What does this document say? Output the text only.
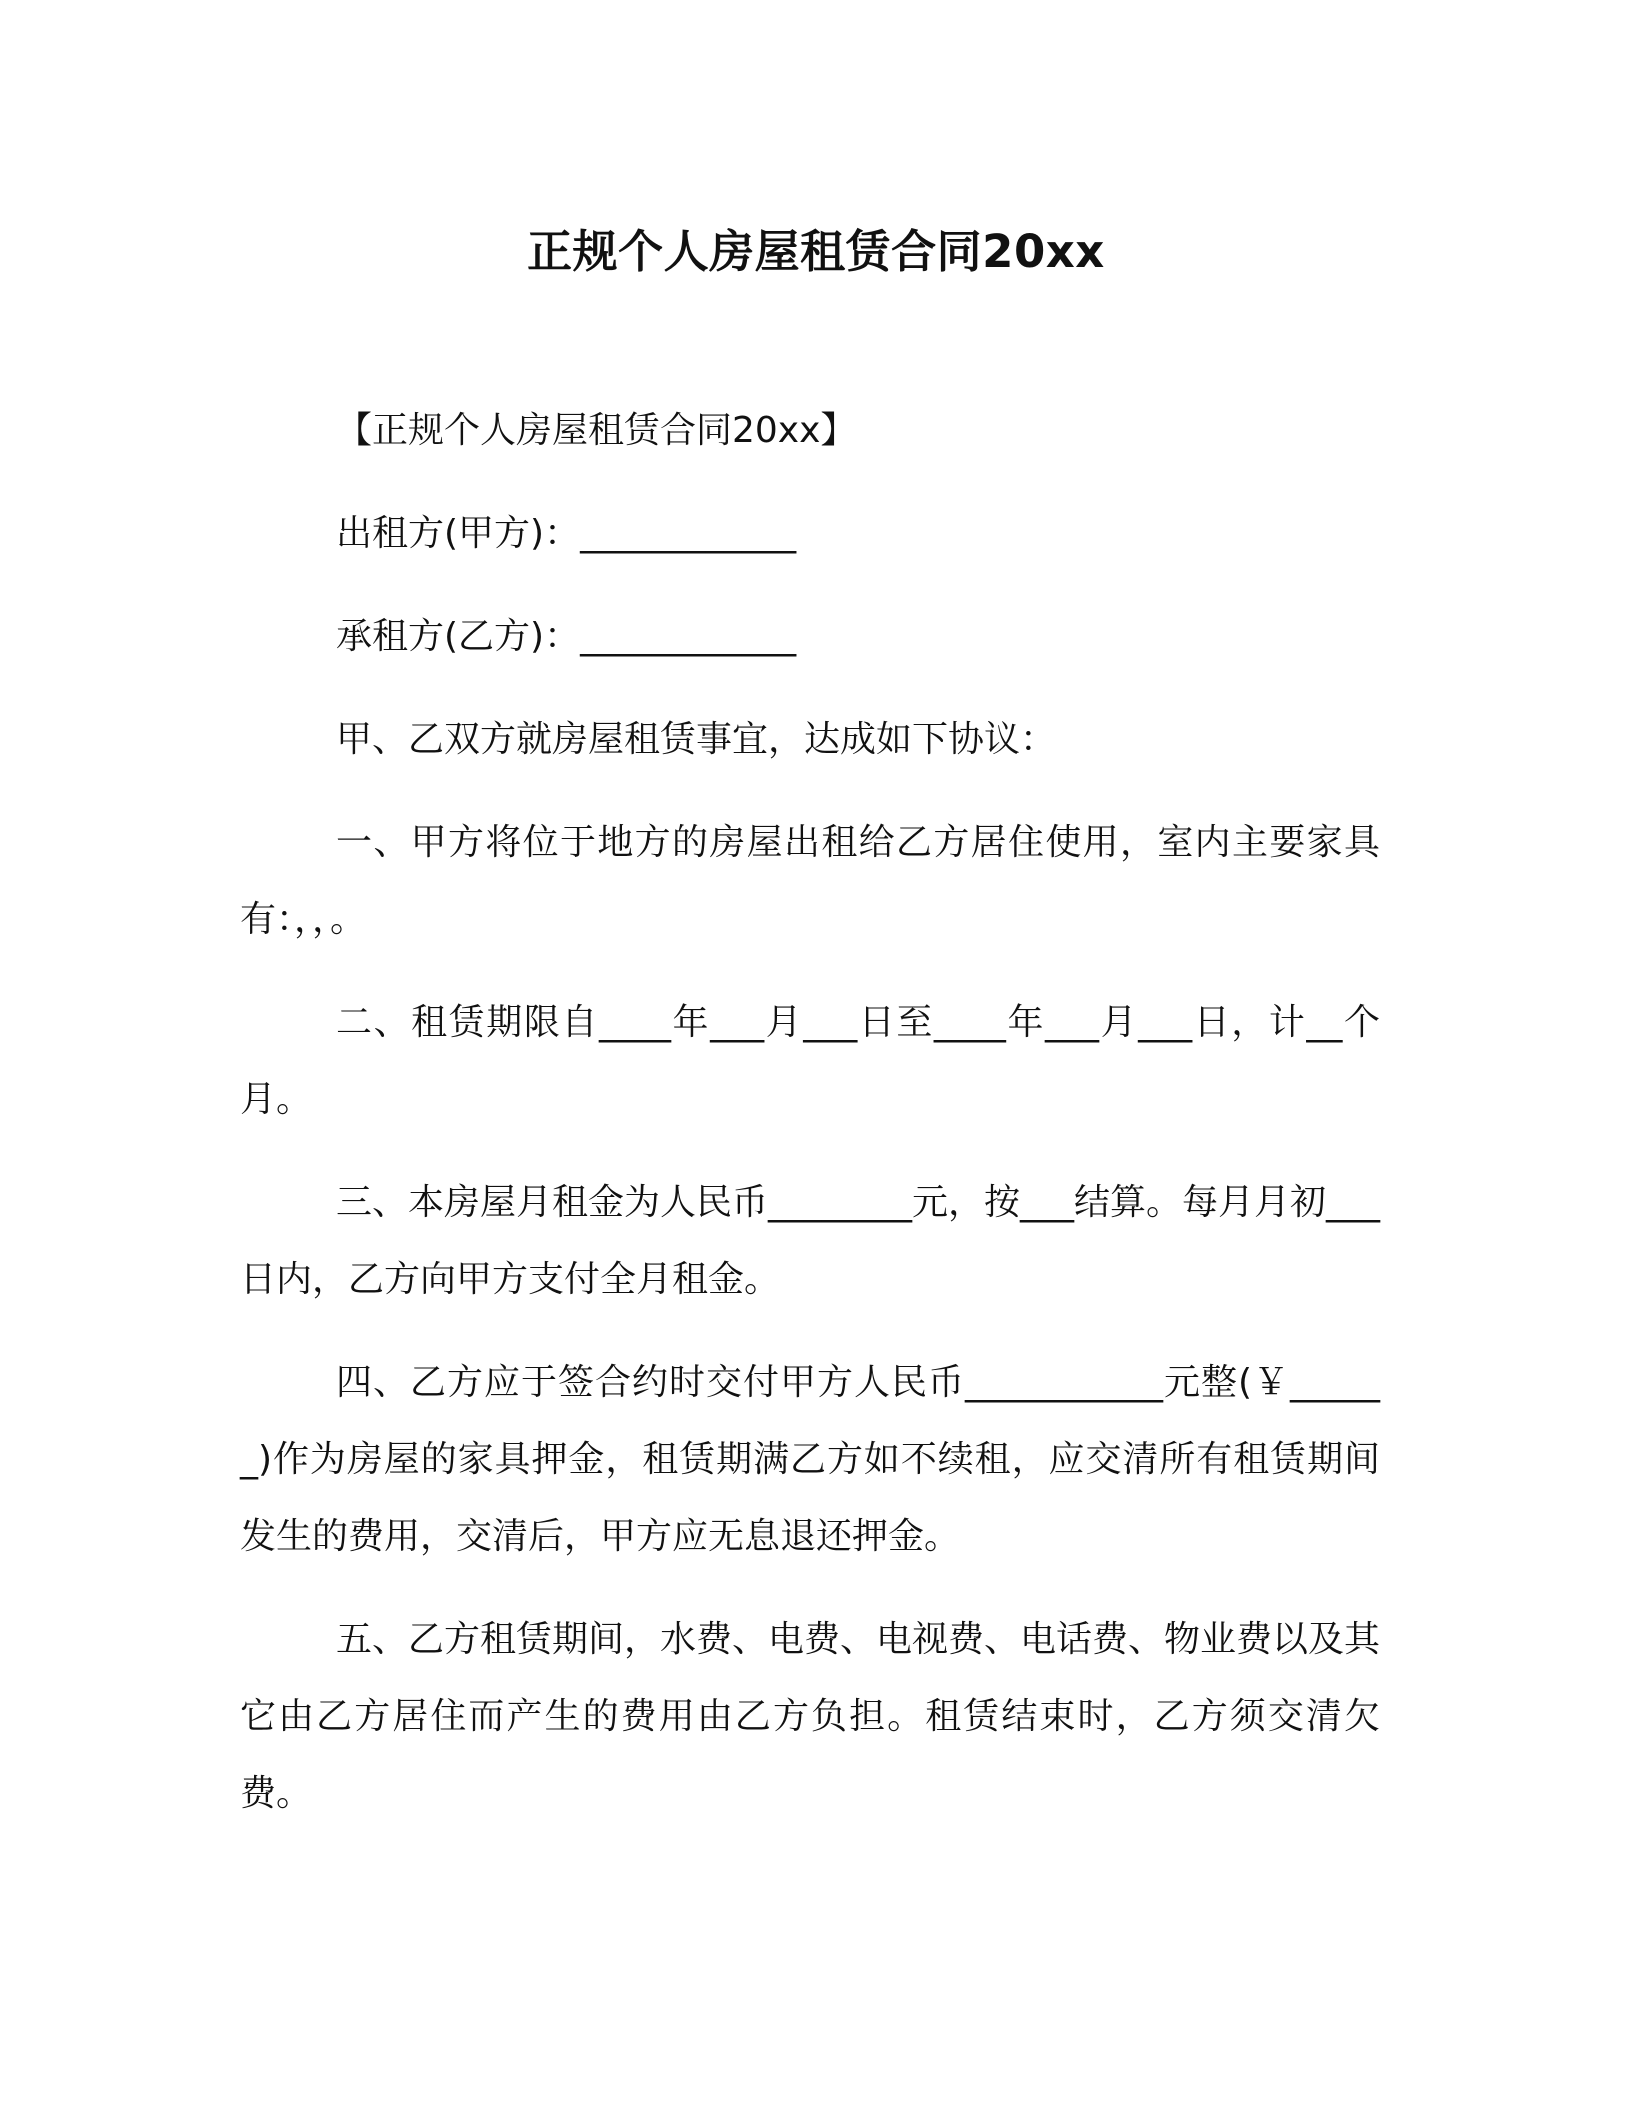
正规个人房屋租赁合同20xx

【正规个人房屋租赁合同20xx】

出租方(甲方)：____________

承租方(乙方)：____________

甲、乙双方就房屋租赁事宜，达成如下协议：

一、甲方将位于地方的房屋出租给乙方居住使用，室内主要家具有：，，。

二、租赁期限自____年___月___日至____年___月___日，计__个月。

三、本房屋月租金为人民币________元，按___结算。每月月初___日内，乙方向甲方支付全月租金。

四、乙方应于签合约时交付甲方人民币___________元整(￥______)作为房屋的家具押金，租赁期满乙方如不续租，应交清所有租赁期间发生的费用，交清后，甲方应无息退还押金。

五、乙方租赁期间，水费、电费、电视费、电话费、物业费以及其它由乙方居住而产生的费用由乙方负担。租赁结束时，乙方须交清欠费。
